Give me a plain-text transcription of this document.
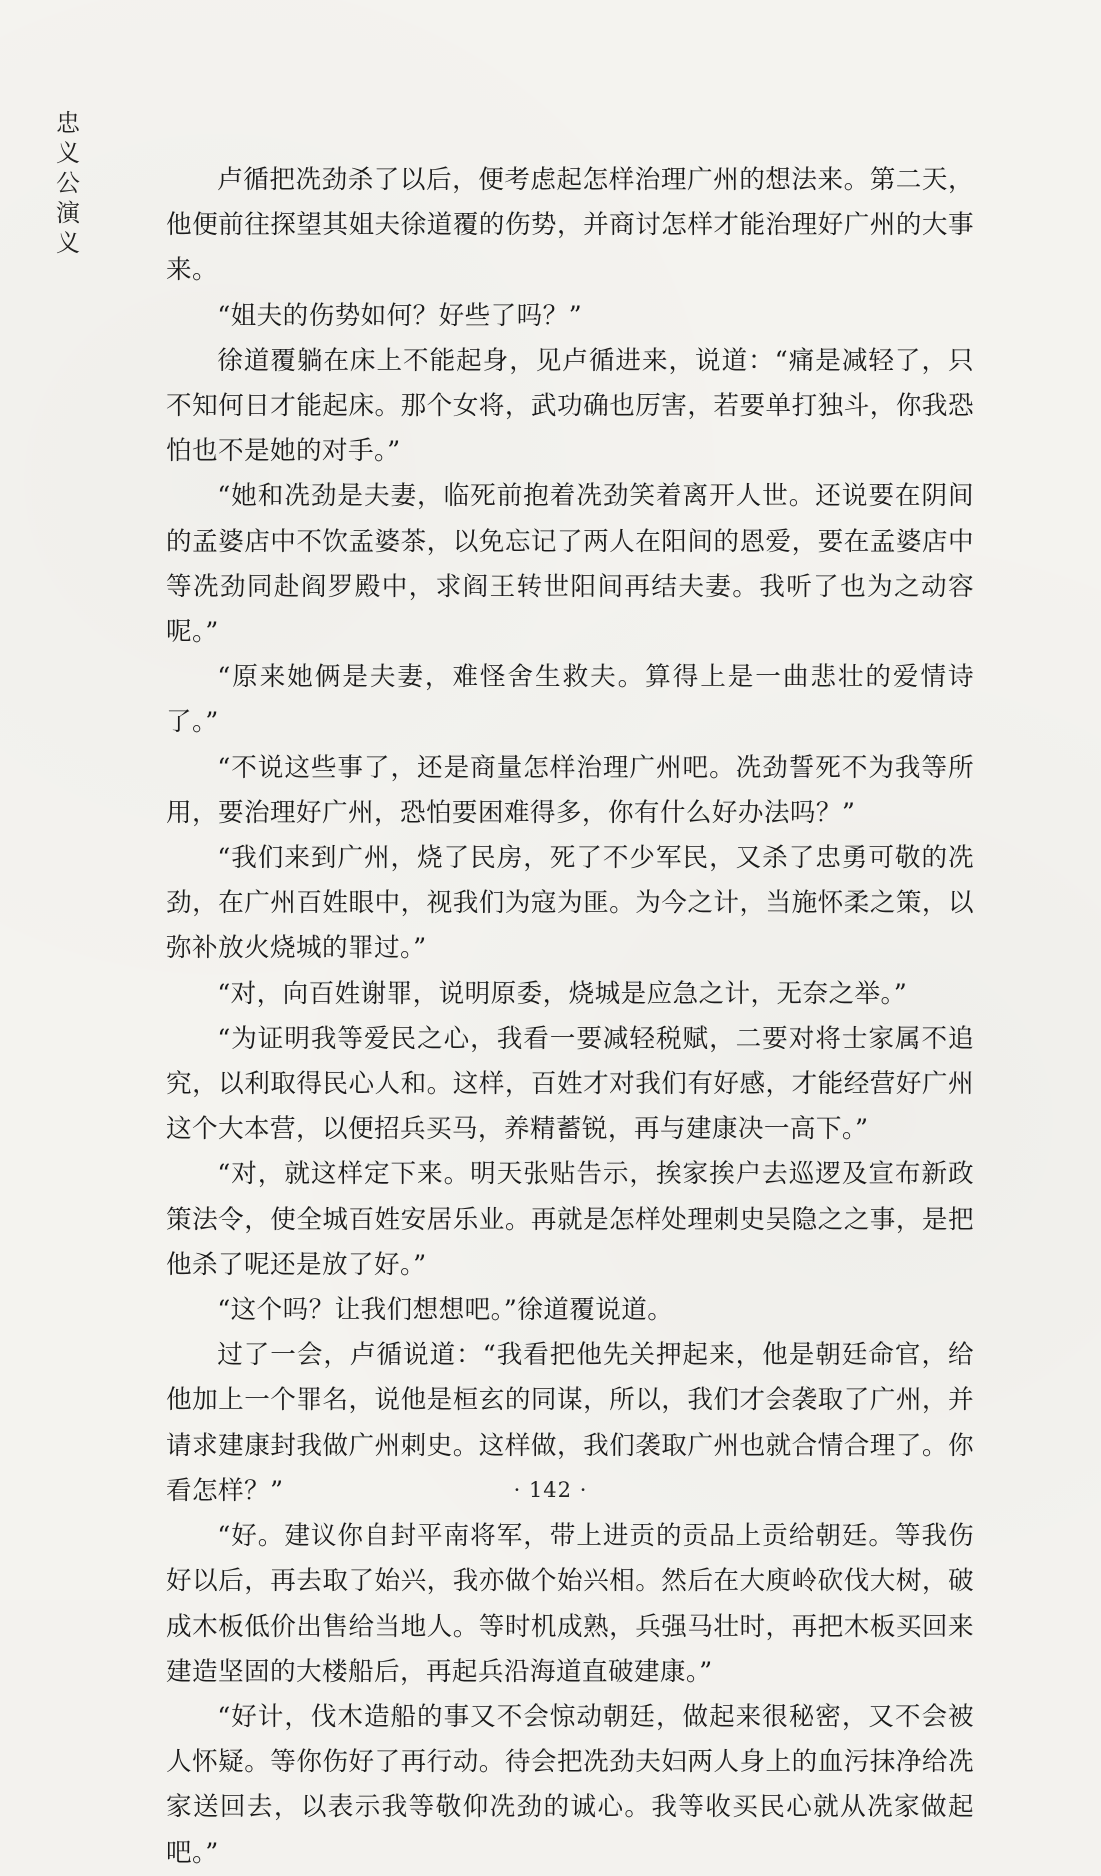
忠义公演义

卢循把冼劲杀了以后，便考虑起怎样治理广州的想法来。第二天，他便前往探望其姐夫徐道覆的伤势，并商讨怎样才能治理好广州的大事来。

“姐夫的伤势如何？好些了吗？”

徐道覆躺在床上不能起身，见卢循进来，说道：“痛是减轻了，只不知何日才能起床。那个女将，武功确也厉害，若要单打独斗，你我恐怕也不是她的对手。”

“她和冼劲是夫妻，临死前抱着冼劲笑着离开人世。还说要在阴间的孟婆店中不饮孟婆茶，以免忘记了两人在阳间的恩爱，要在孟婆店中等冼劲同赴阎罗殿中，求阎王转世阳间再结夫妻。我听了也为之动容呢。”

“原来她俩是夫妻，难怪舍生救夫。算得上是一曲悲壮的爱情诗了。”

“不说这些事了，还是商量怎样治理广州吧。冼劲誓死不为我等所用，要治理好广州，恐怕要困难得多，你有什么好办法吗？”

“我们来到广州，烧了民房，死了不少军民，又杀了忠勇可敬的冼劲，在广州百姓眼中，视我们为寇为匪。为今之计，当施怀柔之策，以弥补放火烧城的罪过。”

“对，向百姓谢罪，说明原委，烧城是应急之计，无奈之举。”

“为证明我等爱民之心，我看一要减轻税赋，二要对将士家属不追究，以利取得民心人和。这样，百姓才对我们有好感，才能经营好广州这个大本营，以便招兵买马，养精蓄锐，再与建康决一高下。”

“对，就这样定下来。明天张贴告示，挨家挨户去巡逻及宣布新政策法令，使全城百姓安居乐业。再就是怎样处理刺史吴隐之之事，是把他杀了呢还是放了好。”

“这个吗？让我们想想吧。”徐道覆说道。

过了一会，卢循说道：“我看把他先关押起来，他是朝廷命官，给他加上一个罪名，说他是桓玄的同谋，所以，我们才会袭取了广州，并请求建康封我做广州刺史。这样做，我们袭取广州也就合情合理了。你看怎样？”

“好。建议你自封平南将军，带上进贡的贡品上贡给朝廷。等我伤好以后，再去取了始兴，我亦做个始兴相。然后在大庾岭砍伐大树，破成木板低价出售给当地人。等时机成熟，兵强马壮时，再把木板买回来建造坚固的大楼船后，再起兵沿海道直破建康。”

“好计，伐木造船的事又不会惊动朝廷，做起来很秘密，又不会被人怀疑。等你伤好了再行动。待会把冼劲夫妇两人身上的血污抹净给冼家送回去，以表示我等敬仰冼劲的诚心。我等收买民心就从冼家做起吧。”

· 142 ·
